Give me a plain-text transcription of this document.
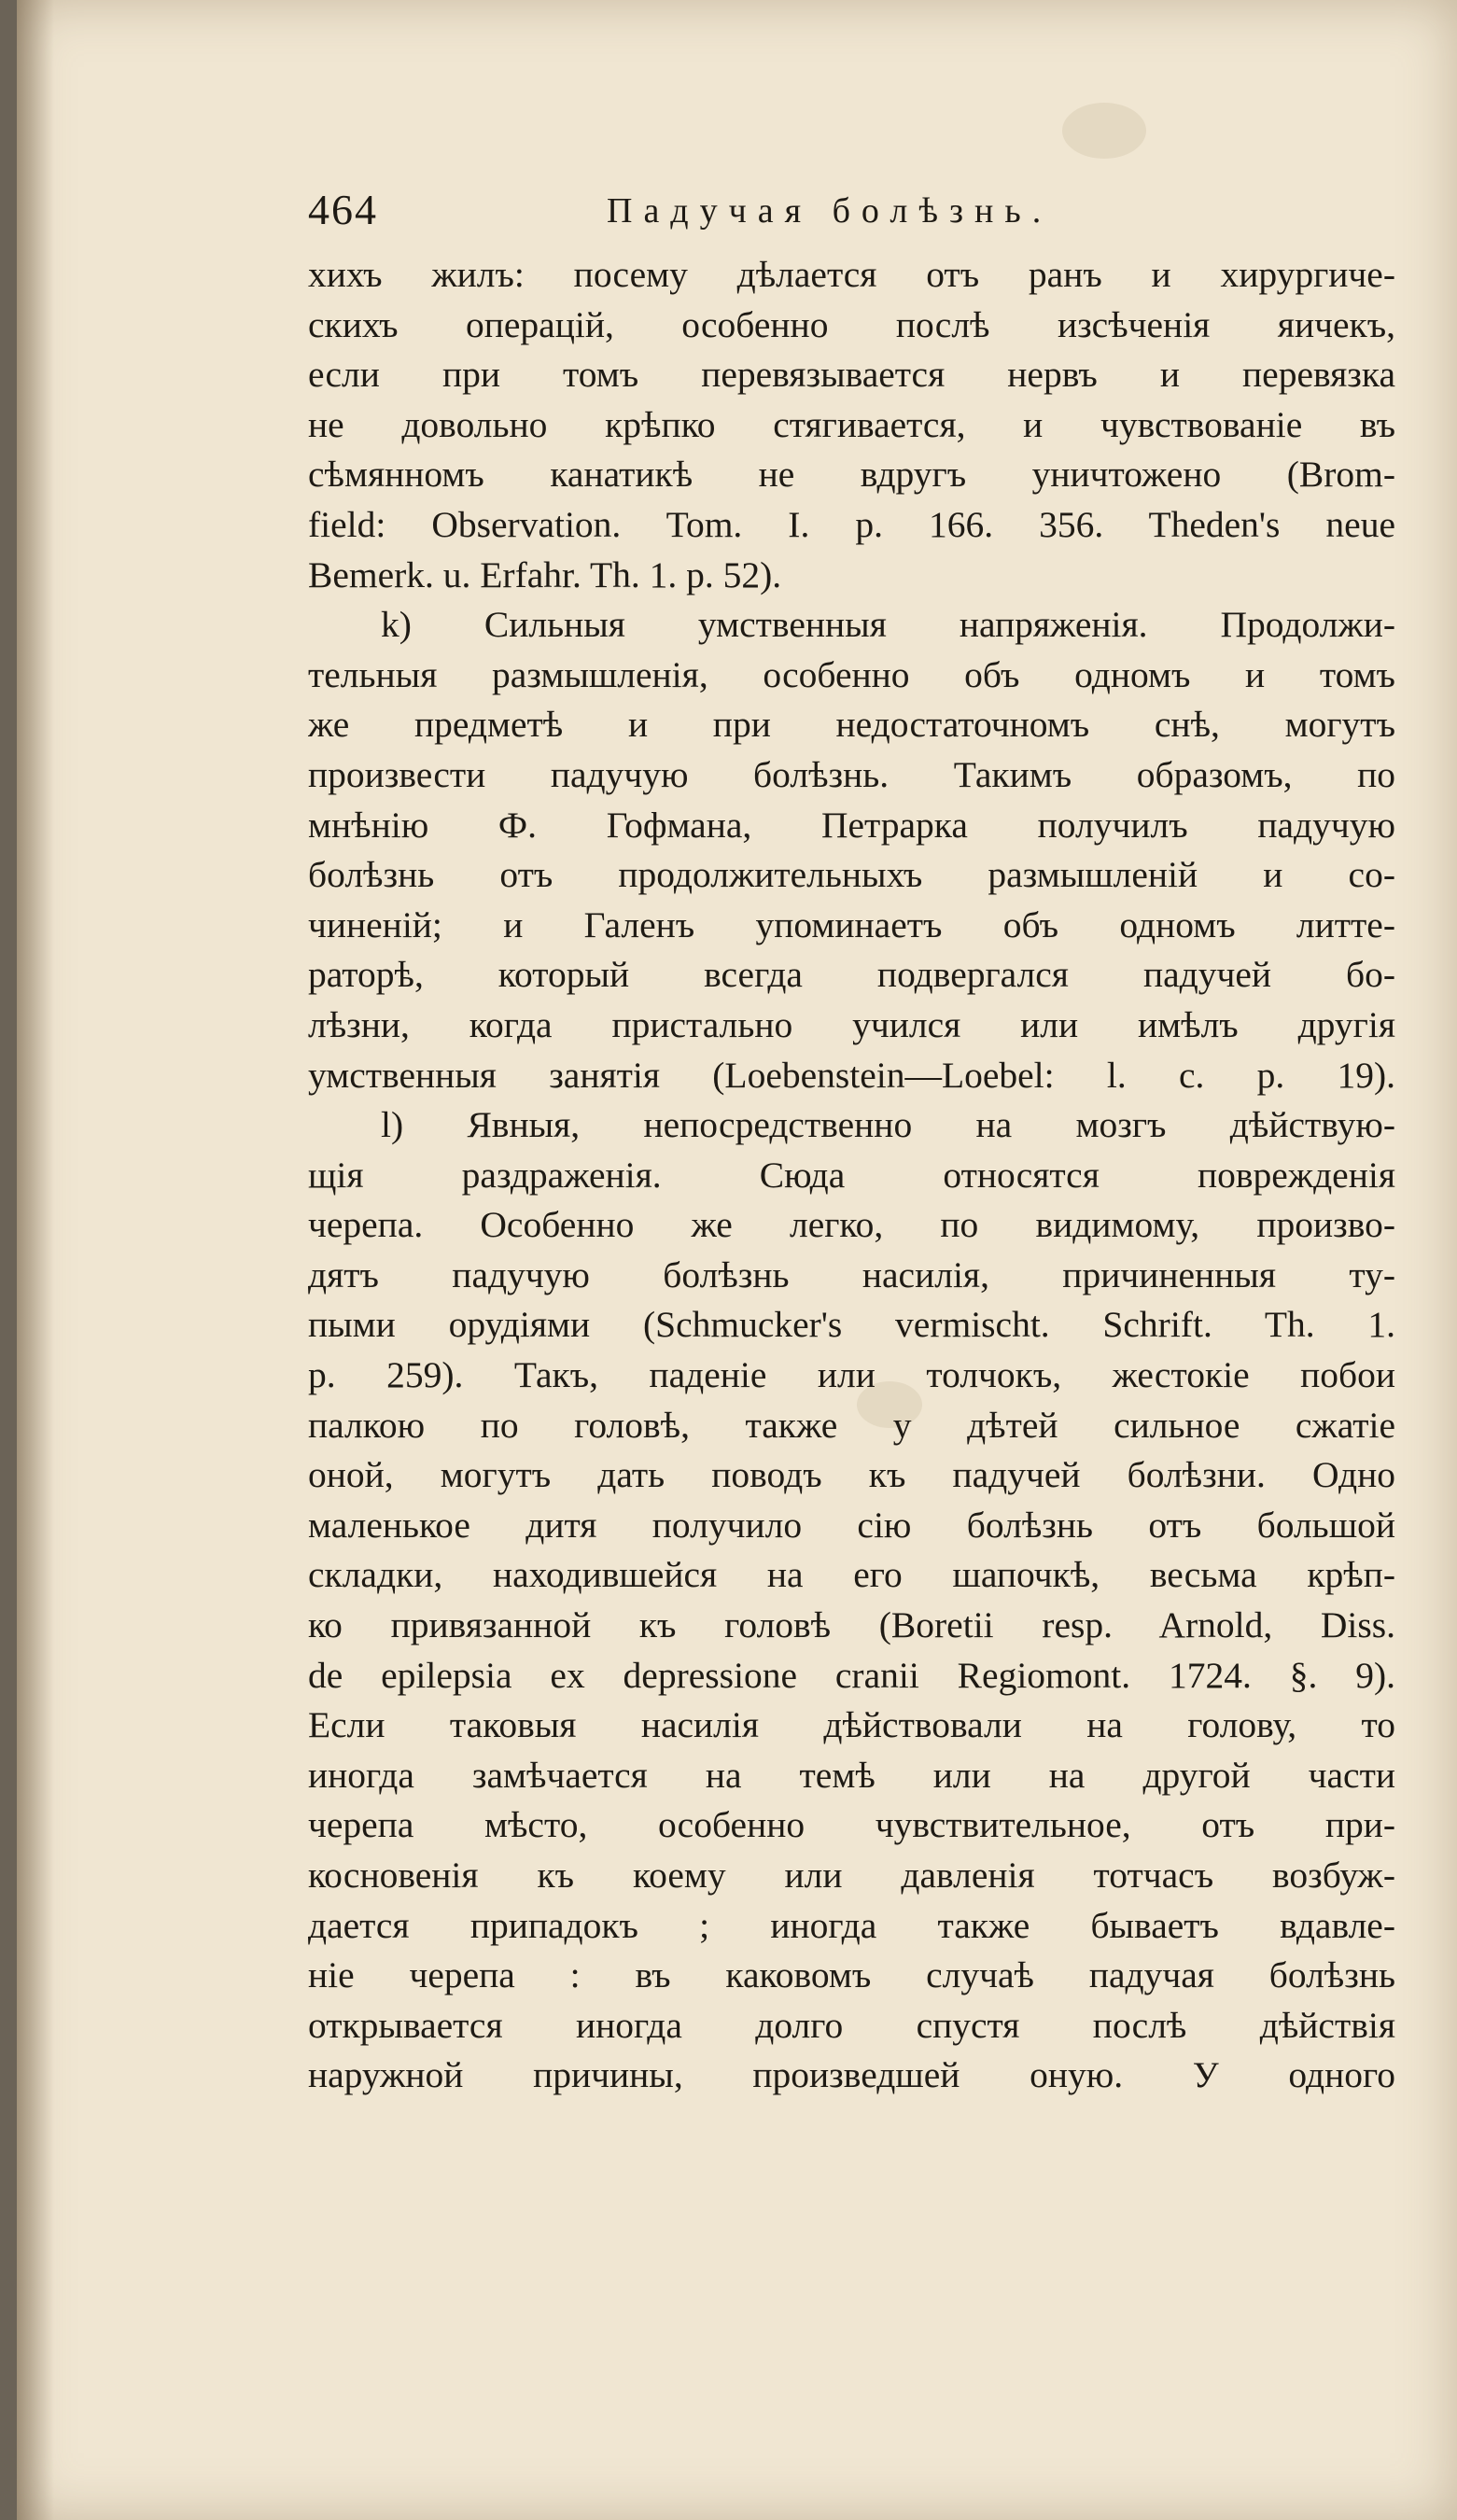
464	Падучая болѣзнь.
хихъ жилъ: посему дѣлается отъ ранъ и хирургиче-
скихъ операцій, особенно послѣ изсѣченія яичекъ,
если при томъ перевязывается нервъ и перевязка
не довольно крѣпко стягивается, и чувствованіе въ
сѣмянномъ канатикѣ не вдругъ уничтожено (Brom-
field: Observation. Tom. I. p. 166. 356. Theden's neue
Bemerk. u. Erfahr. Th. 1. p. 52).
k) Сильныя умственныя напряженія. Продолжи-
тельныя размышленія, особенно объ одномъ и томъ
же предметѣ и при недостаточномъ снѣ, могутъ
произвести падучую болѣзнь. Такимъ образомъ, по
мнѣнію Ф. Гофмана, Петрарка получилъ падучую
болѣзнь отъ продолжительныхъ размышленій и со-
чиненій; и Галенъ упоминаетъ объ одномъ литте-
раторѣ, который всегда подвергался падучей бо-
лѣзни, когда пристально учился или имѣлъ другія
умственныя занятія (Loebenstein—Loebel: l. c. p. 19).
l) Явныя, непосредственно на мозгъ дѣйствую-
щія раздраженія. Сюда относятся поврежденія
черепа. Особенно же легко, по видимому, произво-
дятъ падучую болѣзнь насилія, причиненныя ту-
пыми орудіями (Schmucker's vermischt. Schrift. Th. 1.
p. 259). Такъ, паденіе или толчокъ, жестокіе побои
палкою по головѣ, также у дѣтей сильное сжатіе
оной, могутъ дать поводъ къ падучей болѣзни. Одно
маленькое дитя получило сію болѣзнь отъ большой
складки, находившейся на его шапочкѣ, весьма крѣп-
ко привязанной къ головѣ (Boretii resp. Arnold, Diss.
de epilepsia ex depressione cranii Regiomont. 1724. §. 9).
Если таковыя насилія дѣйствовали на голову, то
иногда замѣчается на темѣ или на другой части
черепа мѣсто, особенно чувствительное, отъ при-
косновенія къ коему или давленія тотчасъ возбуж-
дается припадокъ ; иногда также бываетъ вдавле-
ніе черепа : въ каковомъ случаѣ падучая болѣзнь
открывается иногда долго спустя послѣ дѣйствія
наружной причины, произведшей оную. У одного
